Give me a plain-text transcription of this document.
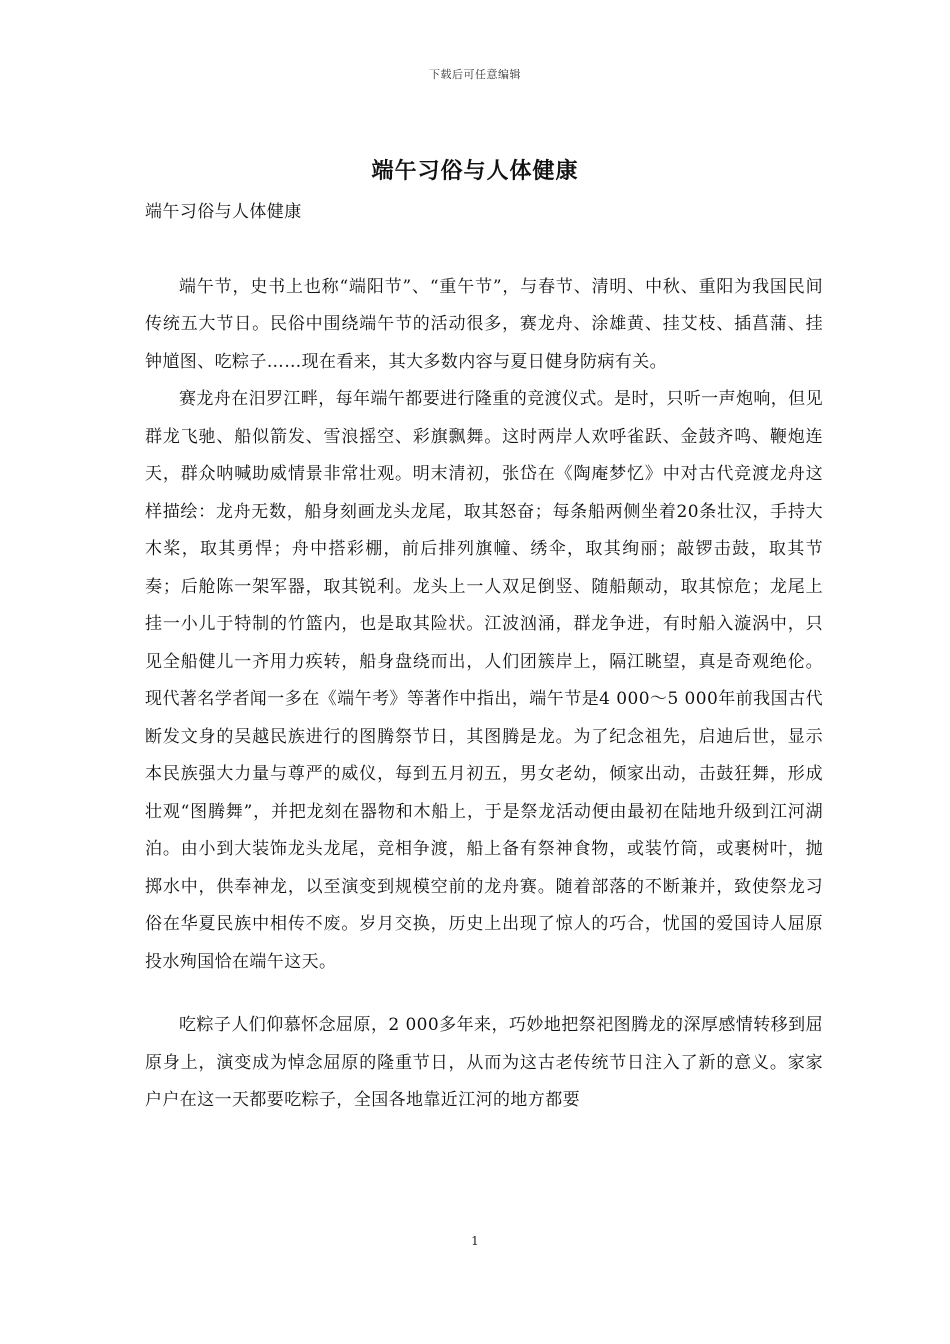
下载后可任意编辑
端午习俗与人体健康

端午习俗与人体健康

端午节，史书上也称“端阳节”、“重午节”，与春节、清明、中秋、重阳为我国民间传统五大节日。民俗中围绕端午节的活动很多，赛龙舟、涂雄黄、挂艾枝、插菖蒲、挂钟馗图、吃粽子……现在看来，其大多数内容与夏日健身防病有关。

赛龙舟在汨罗江畔，每年端午都要进行隆重的竞渡仪式。是时，只听一声炮响，但见群龙飞驰、船似箭发、雪浪摇空、彩旗飘舞。这时两岸人欢呼雀跃、金鼓齐鸣、鞭炮连天，群众呐喊助威情景非常壮观。明末清初，张岱在《陶庵梦忆》中对古代竞渡龙舟这样描绘：龙舟无数，船身刻画龙头龙尾，取其怒奋；每条船两侧坐着20条壮汉，手持大木桨，取其勇悍；舟中搭彩棚，前后排列旗幢、绣伞，取其绚丽；敲锣击鼓，取其节奏；后舱陈一架军器，取其锐利。龙头上一人双足倒竖、随船颠动，取其惊危；龙尾上挂一小儿于特制的竹篮内，也是取其险状。江波汹涌，群龙争进，有时船入漩涡中，只见全船健儿一齐用力疾转，船身盘绕而出，人们团簇岸上，隔江眺望，真是奇观绝伦。现代著名学者闻一多在《端午考》等著作中指出，端午节是4 000～5 000年前我国古代断发文身的吴越民族进行的图腾祭节日，其图腾是龙。为了纪念祖先，启迪后世，显示本民族强大力量与尊严的威仪，每到五月初五，男女老幼，倾家出动，击鼓狂舞，形成壮观“图腾舞”，并把龙刻在器物和木船上，于是祭龙活动便由最初在陆地升级到江河湖泊。由小到大装饰龙头龙尾，竞相争渡，船上备有祭神食物，或装竹筒，或裹树叶，抛掷水中，供奉神龙，以至演变到规模空前的龙舟赛。随着部落的不断兼并，致使祭龙习俗在华夏民族中相传不废。岁月交换，历史上出现了惊人的巧合，忧国的爱国诗人屈原投水殉国恰在端午这天。

吃粽子人们仰慕怀念屈原，2 000多年来，巧妙地把祭祀图腾龙的深厚感情转移到屈原身上，演变成为悼念屈原的隆重节日，从而为这古老传统节日注入了新的意义。家家户户在这一天都要吃粽子，全国各地靠近江河的地方都要

1
